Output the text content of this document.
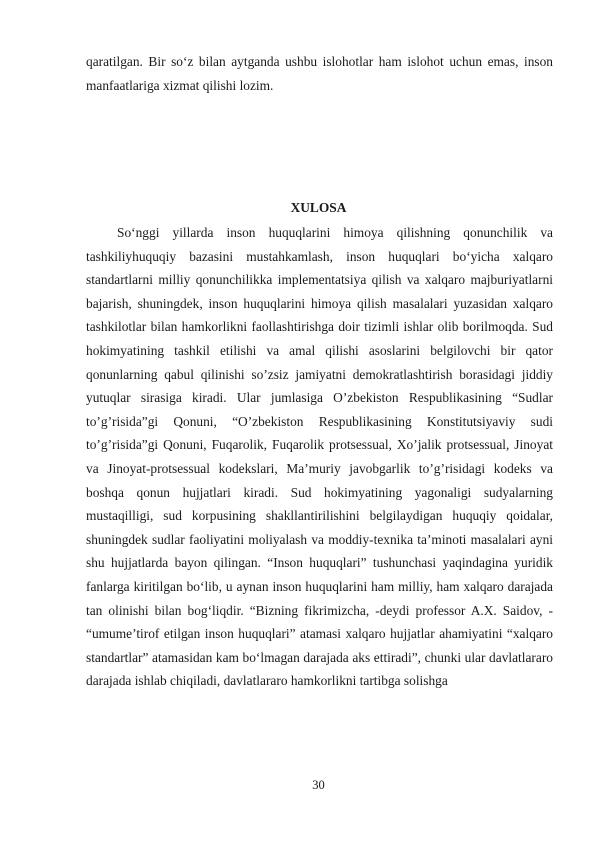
qaratilgan. Bir so‘z bilan aytganda ushbu islohotlar ham islohot uchun emas, inson manfaatlariga xizmat qilishi lozim.

XULOSA

So‘nggi yillarda inson huquqlarini himoya qilishning qonunchilik va tashkiliyhuquqiy bazasini mustahkamlash, inson huquqlari bo‘yicha xalqaro standartlarni milliy qonunchilikka implementatsiya qilish va xalqaro majburiyatlarni bajarish, shuningdek, inson huquqlarini himoya qilish masalalari yuzasidan xalqaro tashkilotlar bilan hamkorlikni faollashtirishga doir tizimli ishlar olib borilmoqda. Sud hokimyatining tashkil etilishi va amal qilishi asoslarini belgilovchi bir qator qonunlarning qabul qilinishi so’zsiz jamiyatni demokratlashtirish borasidagi jiddiy yutuqlar sirasiga kiradi. Ular jumlasiga O’zbekiston Respublikasining “Sudlar to’g’risida”gi Qonuni, “O’zbekiston Respublikasining Konstitutsiyaviy sudi to’g’risida”gi Qonuni, Fuqarolik, Fuqarolik protsessual, Xo’jalik protsessual, Jinoyat va Jinoyat-protsessual kodekslari, Ma’muriy javobgarlik to’g’risidagi kodeks va boshqa qonun hujjatlari kiradi. Sud hokimyatining yagonaligi sudyalarning mustaqilligi, sud korpusining shakllantirilishini belgilaydigan huquqiy qoidalar, shuningdek sudlar faoliyatini moliyalash va moddiy-texnika ta’minoti masalalari ayni shu hujjatlarda bayon qilingan. “Inson huquqlari” tushunchasi yaqindagina yuridik fanlarga kiritilgan bo‘lib, u aynan inson huquqlarini ham milliy, ham xalqaro darajada tan olinishi bilan bog‘liqdir. “Bizning fikrimizcha, -deydi professor A.X. Saidov, - “umume’tirof etilgan inson huquqlari” atamasi xalqaro hujjatlar ahamiyatini “xalqaro standartlar” atamasidan kam bo‘lmagan darajada aks ettiradi”, chunki ular davlatlararo darajada ishlab chiqiladi, davlatlararo hamkorlikni tartibga solishga

30
